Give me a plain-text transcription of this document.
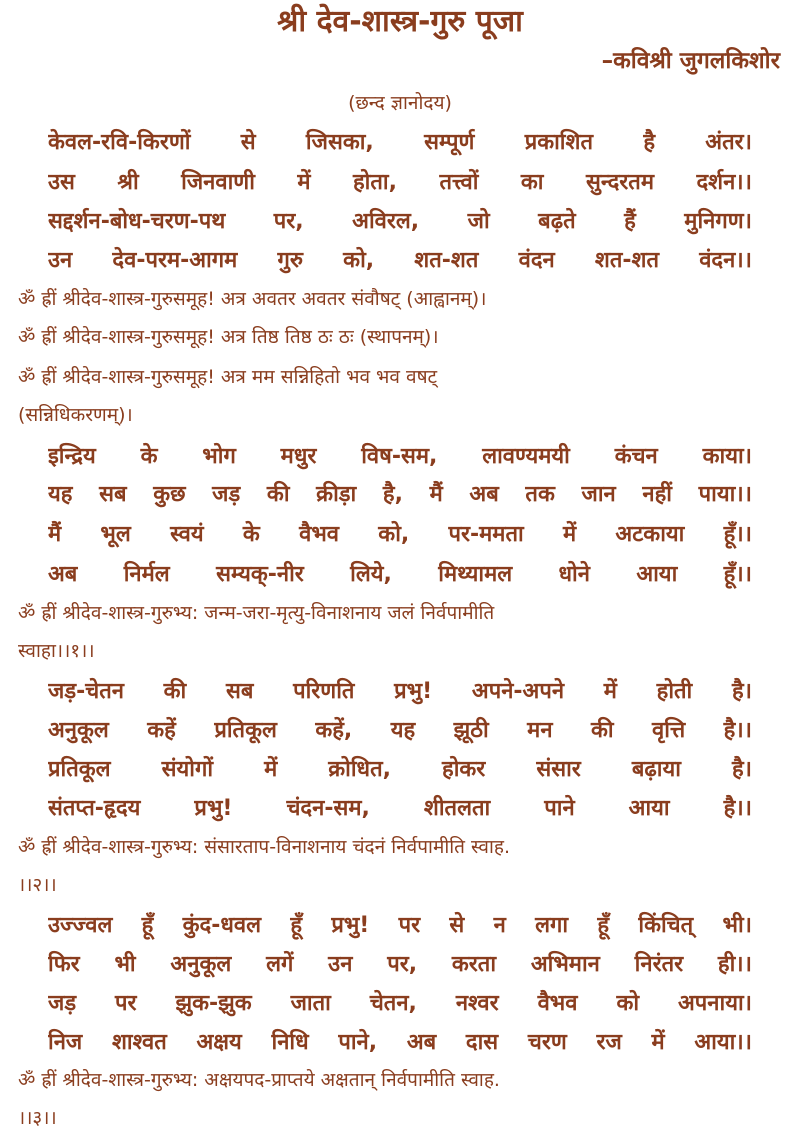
श्री देव-शास्त्र-गुरु पूजा
–कविश्री जुगलकिशोर
(छन्द ज्ञानोदय)
केवल-रवि-किरणों से जिसका, सम्पूर्ण प्रकाशित है अंतर।
उस श्री जिनवाणी में होता, तत्त्वों का सुन्दरतम दर्शन।।
सद्दर्शन-बोध-चरण-पथ पर, अविरल, जो बढ़ते हैं मुनिगण।
उन देव-परम-आगम गुरु को, शत-शत वंदन शत-शत वंदन।।
ॐ ह्रीं श्रीदेव-शास्त्र-गुरुसमूह! अत्र अवतर अवतर संवौषट् (आह्वानम्)।
ॐ ह्रीं श्रीदेव-शास्त्र-गुरुसमूह! अत्र तिष्ठ तिष्ठ ठः ठः (स्थापनम्)।
ॐ ह्रीं श्रीदेव-शास्त्र-गुरुसमूह! अत्र मम सन्निहितो भव भव वषट्
(सन्निधिकरणम्)।
इन्द्रिय के भोग मधुर विष-सम, लावण्यमयी कंचन काया।
यह सब कुछ जड़ की क्रीड़ा है, मैं अब तक जान नहीं पाया।।
मैं भूल स्वयं के वैभव को, पर-ममता में अटकाया हूँ।।
अब निर्मल सम्यक्-नीर लिये, मिथ्यामल धोने आया हूँ।।
ॐ ह्रीं श्रीदेव-शास्त्र-गुरुभ्य: जन्म-जरा-मृत्यु-विनाशनाय जलं निर्वपामीति
स्वाहा।।१।।
जड़-चेतन की सब परिणति प्रभु! अपने-अपने में होती है।
अनुकूल कहें प्रतिकूल कहें, यह झूठी मन की वृत्ति है।।
प्रतिकूल संयोगों में क्रोधित, होकर संसार बढ़ाया है।
संतप्त-हृदय प्रभु! चंदन-सम, शीतलता पाने आया है।।
ॐ ह्रीं श्रीदेव-शास्त्र-गुरुभ्य: संसारताप-विनाशनाय चंदनं निर्वपामीति स्वाह.
।।२।।
उज्ज्वल हूँ कुंद-धवल हूँ प्रभु! पर से न लगा हूँ किंचित् भी।
फिर भी अनुकूल लगें उन पर, करता अभिमान निरंतर ही।।
जड़ पर झुक-झुक जाता चेतन, नश्वर वैभव को अपनाया।
निज शाश्वत अक्षय निधि पाने, अब दास चरण रज में आया।।
ॐ ह्रीं श्रीदेव-शास्त्र-गुरुभ्य: अक्षयपद-प्राप्तये अक्षतान् निर्वपामीति स्वाह.
।।३।।
